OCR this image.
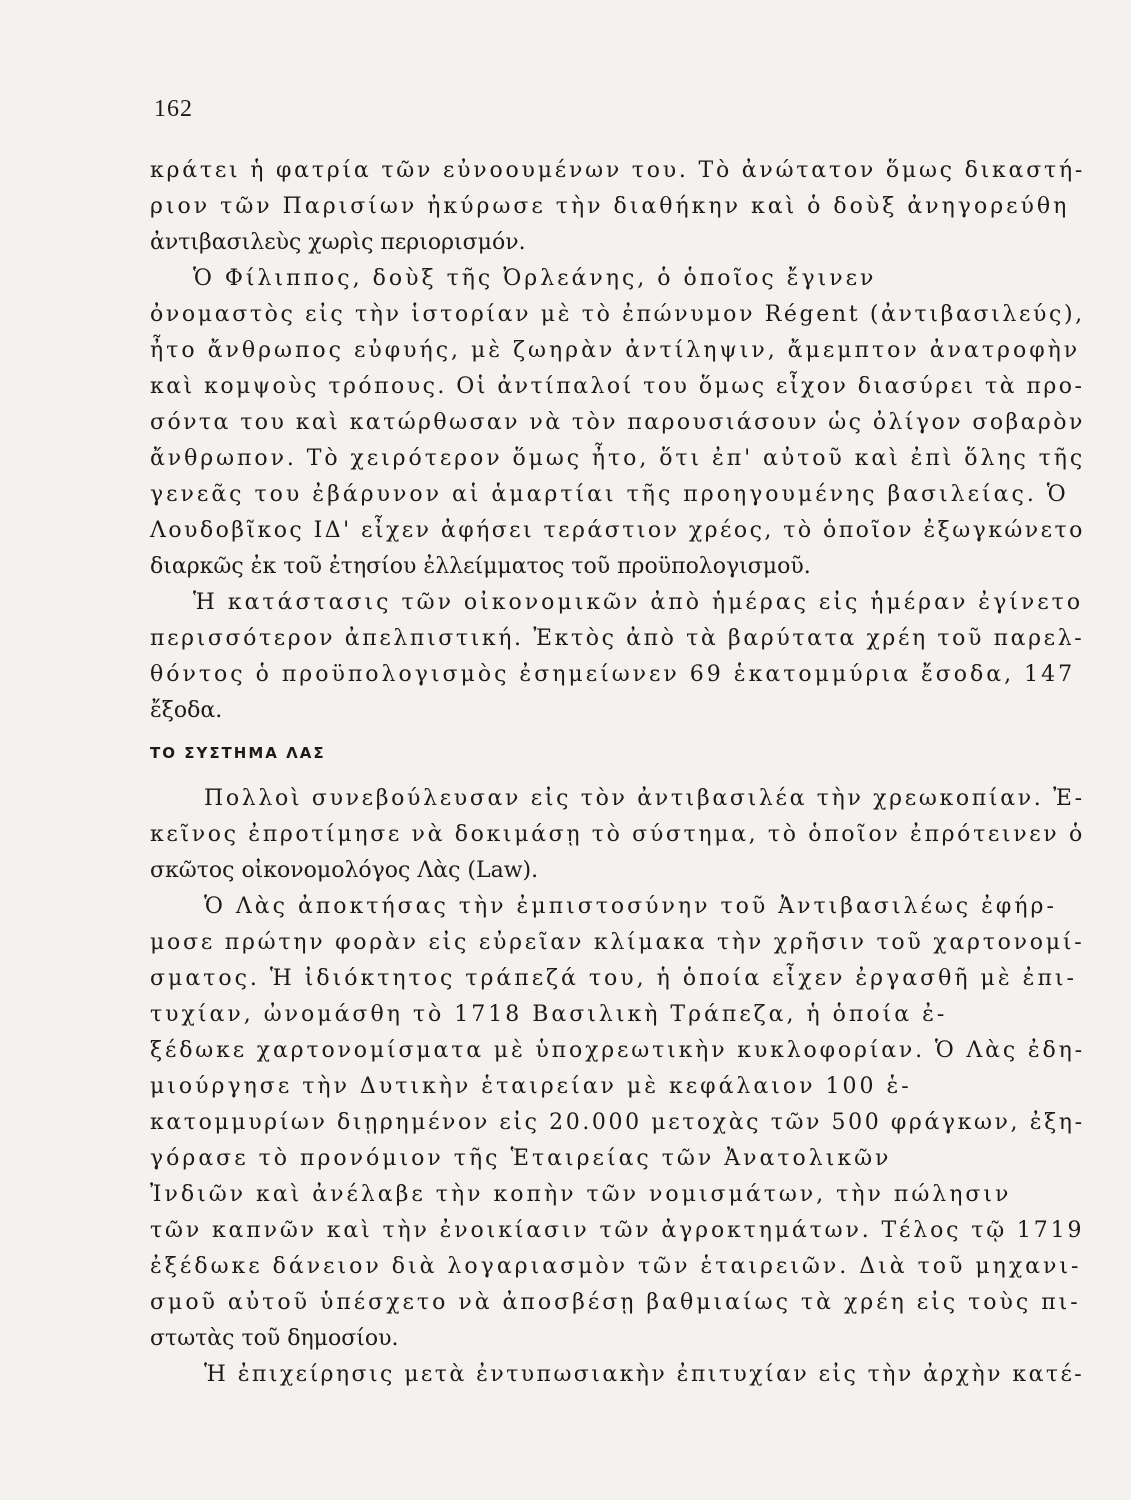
162
κράτει ἡ φατρία τῶν εὐνοουμένων του. Τὸ ἀνώτατον ὅμως δικαστή-
ριον τῶν Παρισίων ἠκύρωσε τὴν διαθήκην καὶ ὁ δοὺξ ἀνηγορεύθη
ἀντιβασιλεὺς χωρὶς περιορισμόν.
Ὁ Φίλιππος, δοὺξ τῆς Ὀρλεάνης, ὁ ὁποῖος ἔγινεν
ὀνομαστὸς εἰς τὴν ἱστορίαν μὲ τὸ ἐπώνυμον Régent (ἀντιβασιλεύς),
ἦτο ἄνθρωπος εὐφυής, μὲ ζωηρὰν ἀντίληψιν, ἄμεμπτον ἀνατροφὴν
καὶ κομψοὺς τρόπους. Οἱ ἀντίπαλοί του ὅμως εἶχον διασύρει τὰ προ-
σόντα του καὶ κατώρθωσαν νὰ τὸν παρουσιάσουν ὡς ὀλίγον σοβαρὸν
ἄνθρωπον. Τὸ χειρότερον ὅμως ἦτο, ὅτι ἐπ' αὐτοῦ καὶ ἐπὶ ὅλης τῆς
γενεᾶς του ἐβάρυνον αἱ ἁμαρτίαι τῆς προηγουμένης βασιλείας. Ὁ
Λουδοβῖκος ΙΔ' εἶχεν ἀφήσει τεράστιον χρέος, τὸ ὁποῖον ἐξωγκώνετο
διαρκῶς ἐκ τοῦ ἐτησίου ἐλλείμματος τοῦ προϋπολογισμοῦ.
Ἡ κατάστασις τῶν οἰκονομικῶν ἀπὸ ἡμέρας εἰς ἡμέραν ἐγίνετο
περισσότερον ἀπελπιστική. Ἐκτὸς ἀπὸ τὰ βαρύτατα χρέη τοῦ παρελ-
θόντος ὁ προϋπολογισμὸς ἐσημείωνεν 69 ἑκατομμύρια ἔσοδα, 147
ἔξοδα.
ΤΟ ΣΥΣΤΗΜΑ ΛΑΣ
Πολλοὶ συνεβούλευσαν εἰς τὸν ἀντιβασιλέα τὴν χρεωκοπίαν. Ἐ-
κεῖνος ἐπροτίμησε νὰ δοκιμάσῃ τὸ σύστημα, τὸ ὁποῖον ἐπρότεινεν ὁ
σκῶτος οἰκονομολόγος Λὰς (Law).
Ὁ Λὰς ἀποκτήσας τὴν ἐμπιστοσύνην τοῦ Ἀντιβασιλέως ἐφήρ-
μοσε πρώτην φορὰν εἰς εὐρεῖαν κλίμακα τὴν χρῆσιν τοῦ χαρτονομί-
σματος. Ἡ ἰδιόκτητος τράπεζά του, ἡ ὁποία εἶχεν ἐργασθῆ μὲ ἐπι-
τυχίαν, ὠνομάσθη τὸ 1718 Βασιλικὴ Τράπεζα, ἡ ὁποία ἐ-
ξέδωκε χαρτονομίσματα μὲ ὑποχρεωτικὴν κυκλοφορίαν. Ὁ Λὰς ἐδη-
μιούργησε τὴν Δυτικὴν ἑταιρείαν μὲ κεφάλαιον 100 ἑ-
κατομμυρίων διῃρημένον εἰς 20.000 μετοχὰς τῶν 500 φράγκων, ἐξη-
γόρασε τὸ προνόμιον τῆς Ἑταιρείας τῶν Ἀνατολικῶν
Ἰνδιῶν καὶ ἀνέλαβε τὴν κοπὴν τῶν νομισμάτων, τὴν πώλησιν
τῶν καπνῶν καὶ τὴν ἐνοικίασιν τῶν ἀγροκτημάτων. Τέλος τῷ 1719
ἐξέδωκε δάνειον διὰ λογαριασμὸν τῶν ἑταιρειῶν. Διὰ τοῦ μηχανι-
σμοῦ αὐτοῦ ὑπέσχετο νὰ ἀποσβέσῃ βαθμιαίως τὰ χρέη εἰς τοὺς πι-
στωτὰς τοῦ δημοσίου.
Ἡ ἐπιχείρησις μετὰ ἐντυπωσιακὴν ἐπιτυχίαν εἰς τὴν ἀρχὴν κατέ-
